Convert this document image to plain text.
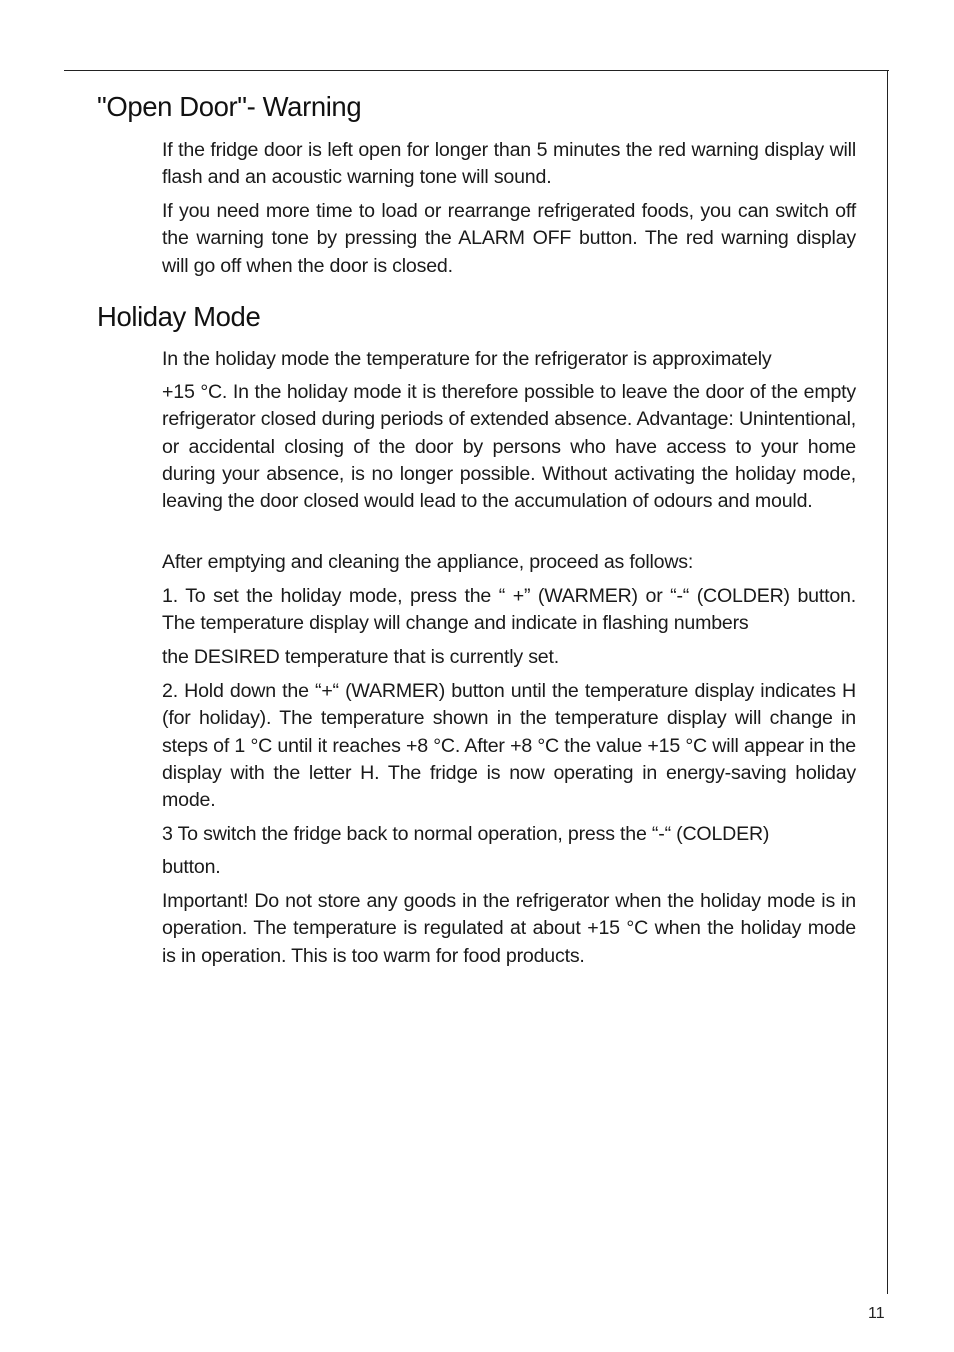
"Open Door"- Warning

If the fridge door is left open for longer than 5 minutes the red warning display will flash and an acoustic warning tone will sound.

If you need more time to load or rearrange refrigerated foods, you can switch off the warning tone by pressing the ALARM OFF button. The red warning display will go off when the door is closed.

Holiday Mode

In the holiday mode the temperature for the refrigerator is approximately

+15 °C. In the holiday mode it is therefore possible to leave the door of the empty refrigerator closed during periods of extended absence. Advantage: Unintentional, or accidental closing of the door by persons who have access to your home during your absence, is no longer possible. Without activating the holiday mode, leaving the door closed would lead to the accumulation of odours and mould.

After emptying and cleaning the appliance, proceed as follows:

1. To set the holiday mode, press the “ +” (WARMER) or “-“ (COLDER) button. The temperature display will change and indicate in flashing numbers

the DESIRED temperature that is currently set.

2. Hold down the “+“ (WARMER) button until the temperature display indicates H (for holiday). The temperature shown in the temperature display will change in steps of 1 °C until it reaches +8 °C. After +8 °C the value +15 °C will appear in the display with the letter H. The fridge is now operating in energy-saving holiday mode.

3 To switch the fridge back to normal operation, press the “-“ (COLDER)

button.

Important! Do not store any goods in the refrigerator when the holiday mode is in operation. The temperature is regulated at about +15 °C when the holiday mode is in operation. This is too warm for food products.

11
